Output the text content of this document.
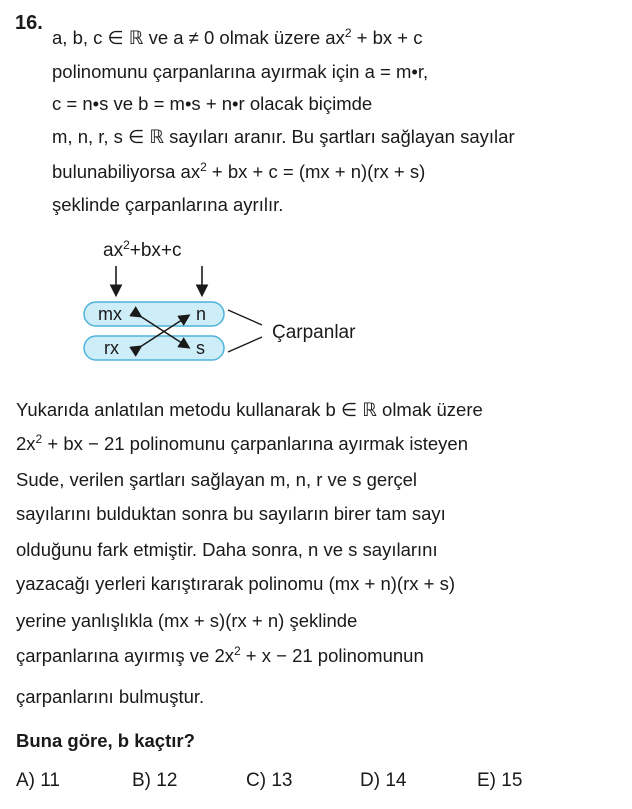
16.
a, b, c ∈ ℝ ve a ≠ 0 olmak üzere $ax^2$ + bx + c
polinomunu çarpanlarına ayırmak için a = m•r,
c = n•s ve b = m•s + n•r olacak biçimde
m, n, r, s ∈ ℝ sayıları aranır. Bu şartları sağlayan sayılar
bulunabiliyorsa $ax^2$ + bx + c = (mx + n)(rx + s)
şeklinde çarpanlarına ayrılır.
$ax^2+bx+c$
mx	n
rx	s
Çarpanlar
Yukarıda anlatılan metodu kullanarak b ∈ ℝ olmak üzere
$2x^2$ + bx − 21 polinomunu çarpanlarına ayırmak isteyen
Sude, verilen şartları sağlayan m, n, r ve s gerçel
sayılarını bulduktan sonra bu sayıların birer tam sayı
olduğunu fark etmiştir. Daha sonra, n ve s sayılarını
yazacağı yerleri karıştırarak polinomu (mx + n)(rx + s)
yerine yanlışlıkla (mx + s)(rx + n) şeklinde
çarpanlarına ayırmış ve $2x^2 + x - 21$ polinomunun
çarpanlarını bulmuştur.
Buna göre, b kaçtır?
A) 11	B) 12	C) 13	D) 14	E) 15
